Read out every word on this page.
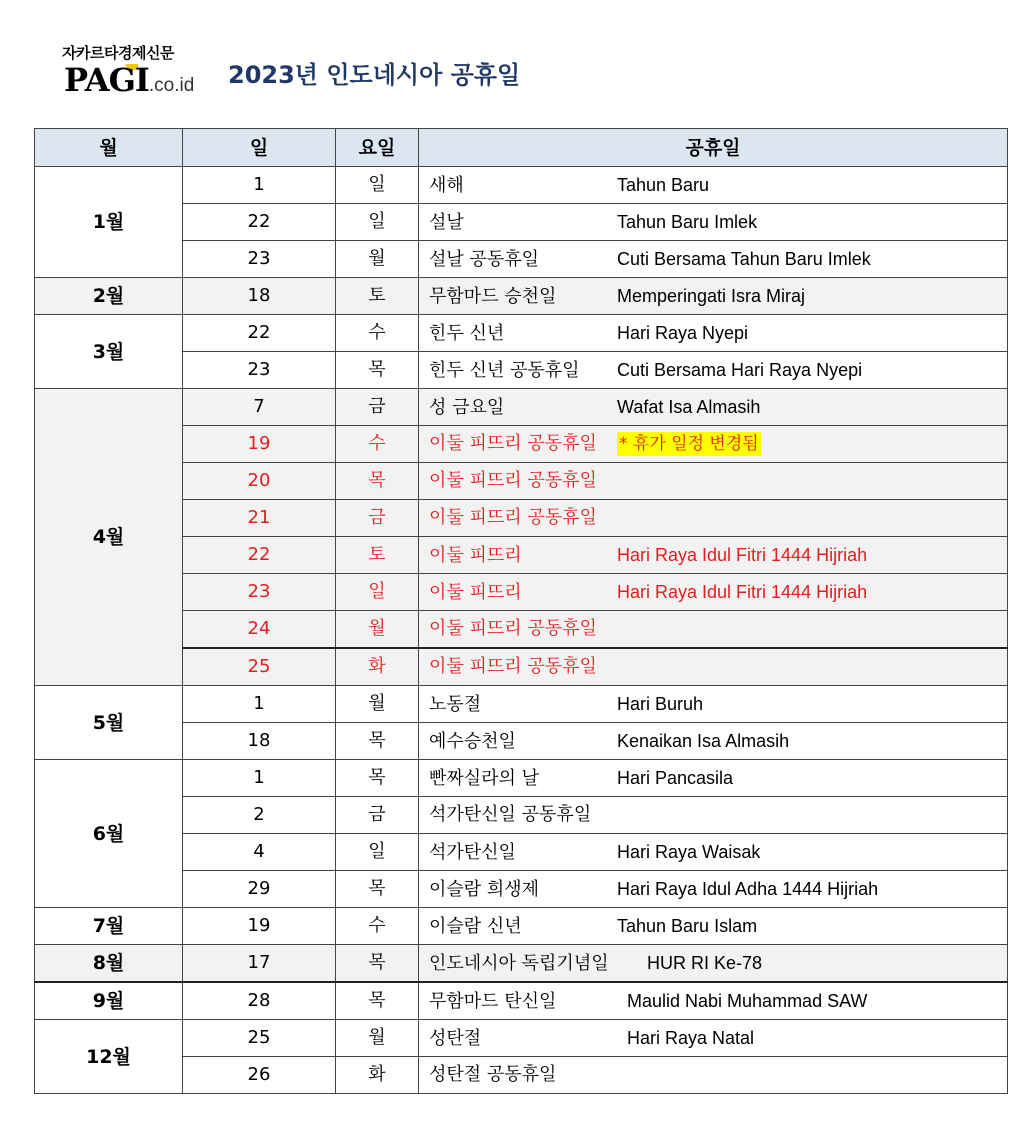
자카르타경제신문
PAGI.co.id 2023년 인도네시아 공휴일
월	일	요일	공휴일
1월	1	일	새해 Tahun Baru
	22	일	설날 Tahun Baru Imlek
	23	월	설날 공동휴일 Cuti Bersama Tahun Baru Imlek
2월	18	토	무함마드 승천일 Memperingati Isra Miraj
3월	22	수	힌두 신년 Hari Raya Nyepi
	23	목	힌두 신년 공동휴일 Cuti Bersama Hari Raya Nyepi
4월	7	금	성 금요일 Wafat Isa Almasih
	19	수	이둘 피뜨리 공동휴일 * 휴가 일정 변경됨
	20	목	이둘 피뜨리 공동휴일
	21	금	이둘 피뜨리 공동휴일
	22	토	이둘 피뜨리 Hari Raya Idul Fitri 1444 Hijriah
	23	일	이둘 피뜨리 Hari Raya Idul Fitri 1444 Hijriah
	24	월	이둘 피뜨리 공동휴일
	25	화	이둘 피뜨리 공동휴일
5월	1	월	노동절 Hari Buruh
	18	목	예수승천일 Kenaikan Isa Almasih
6월	1	목	빤짜실라의 날 Hari Pancasila
	2	금	석가탄신일 공동휴일
	4	일	석가탄신일 Hari Raya Waisak
	29	목	이슬람 희생제 Hari Raya Idul Adha 1444 Hijriah
7월	19	수	이슬람 신년 Tahun Baru Islam
8월	17	목	인도네시아 독립기념일 HUR RI Ke-78
9월	28	목	무함마드 탄신일 Maulid Nabi Muhammad SAW
12월	25	월	성탄절 Hari Raya Natal
	26	화	성탄절 공동휴일
